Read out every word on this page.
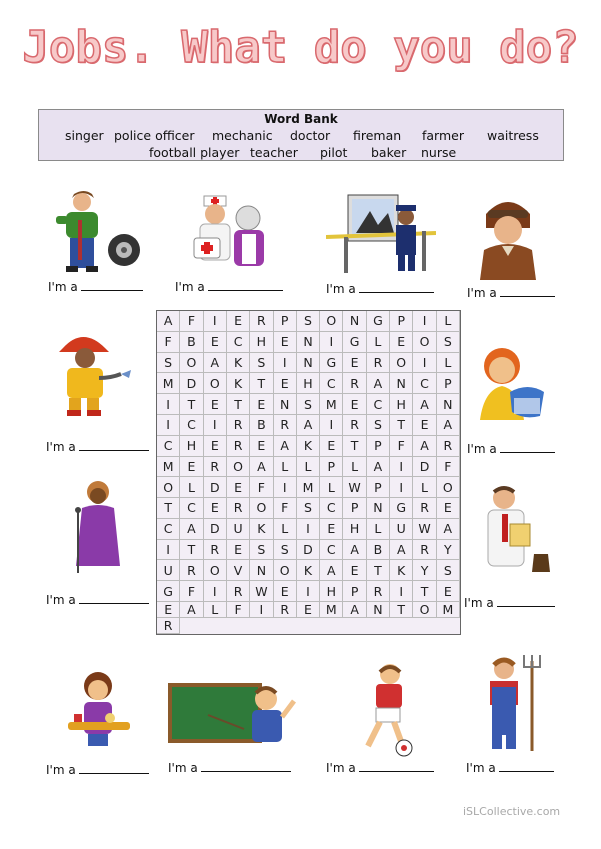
Jobs. What do you do?
Word Bank
singer police officer mechanic doctor fireman farmer waitress
football player teacher pilot baker nurse
I'm a	I'm a	I'm a	I'm a
I'm a	I'm a
I'm a	I'm a
A	F	I	E	R	P	S	O	N	G	P	I	L
F	B	E	C	H	E	N	I	G	L	E	O	S
S	O	A	K	S	I	N	G	E	R	O	I	L
M	D	O	K	T	E	H	C	R	A	N	C	P
I	T	E	T	E	N	S	M	E	C	H	A	N
I	C	I	R	B	R	A	I	R	S	T	E	A
C	H	E	R	E	A	K	E	T	P	F	A	R
M	E	R	O	A	L	L	P	L	A	I	D	F
O	L	D	E	F	I	M	L	W	P	I	L	O
T	C	E	R	O	F	S	C	P	N	G	R	E
C	A	D	U	K	L	I	E	H	L	U	W	A
I	T	R	E	S	S	D	C	A	B	A	R	Y
U	R	O	V	N	O	K	A	E	T	K	Y	S
G	F	I	R	W	E	I	H	P	R	I	T	E
E	A	L	F	I	R	E	M	A	N	T	O	M
R
I'm a	I'm a	I'm a	I'm a
iSLCollective.com
